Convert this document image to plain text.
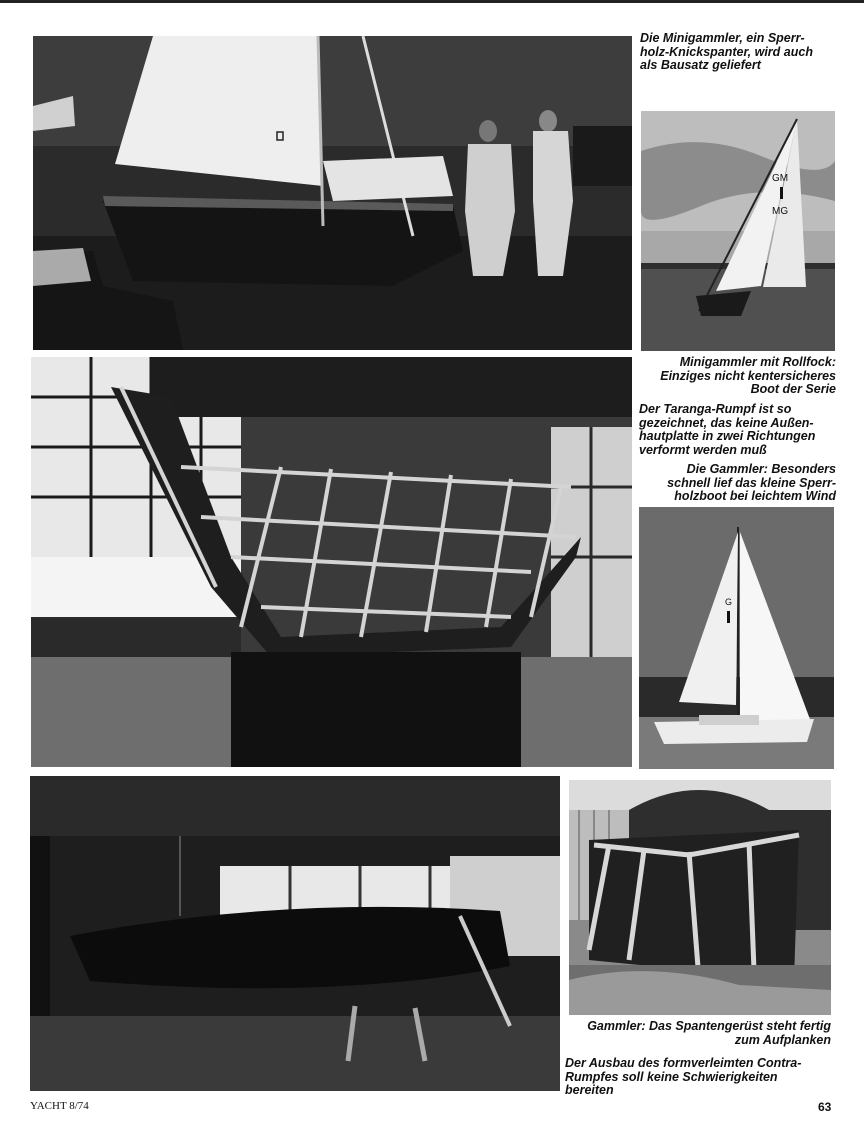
GM
MG
Die Minigammler, ein Sperr-
holz-Knickspanter, wird auch
als Bausatz geliefert
Minigammler mit Rollfock:
Einziges nicht kentersicheres
Boot der Serie
Der Taranga-Rumpf ist so
gezeichnet, das keine Außen-
hautplatte in zwei Richtungen
verformt werden muß
Die Gammler: Besonders
schnell lief das kleine Sperr-
holzboot bei leichtem Wind
G
Gammler: Das Spantengerüst steht fertig
zum Aufplanken
Der Ausbau des formverleimten Contra-
Rumpfes soll keine Schwierigkeiten
bereiten
YACHT 8/74	63
